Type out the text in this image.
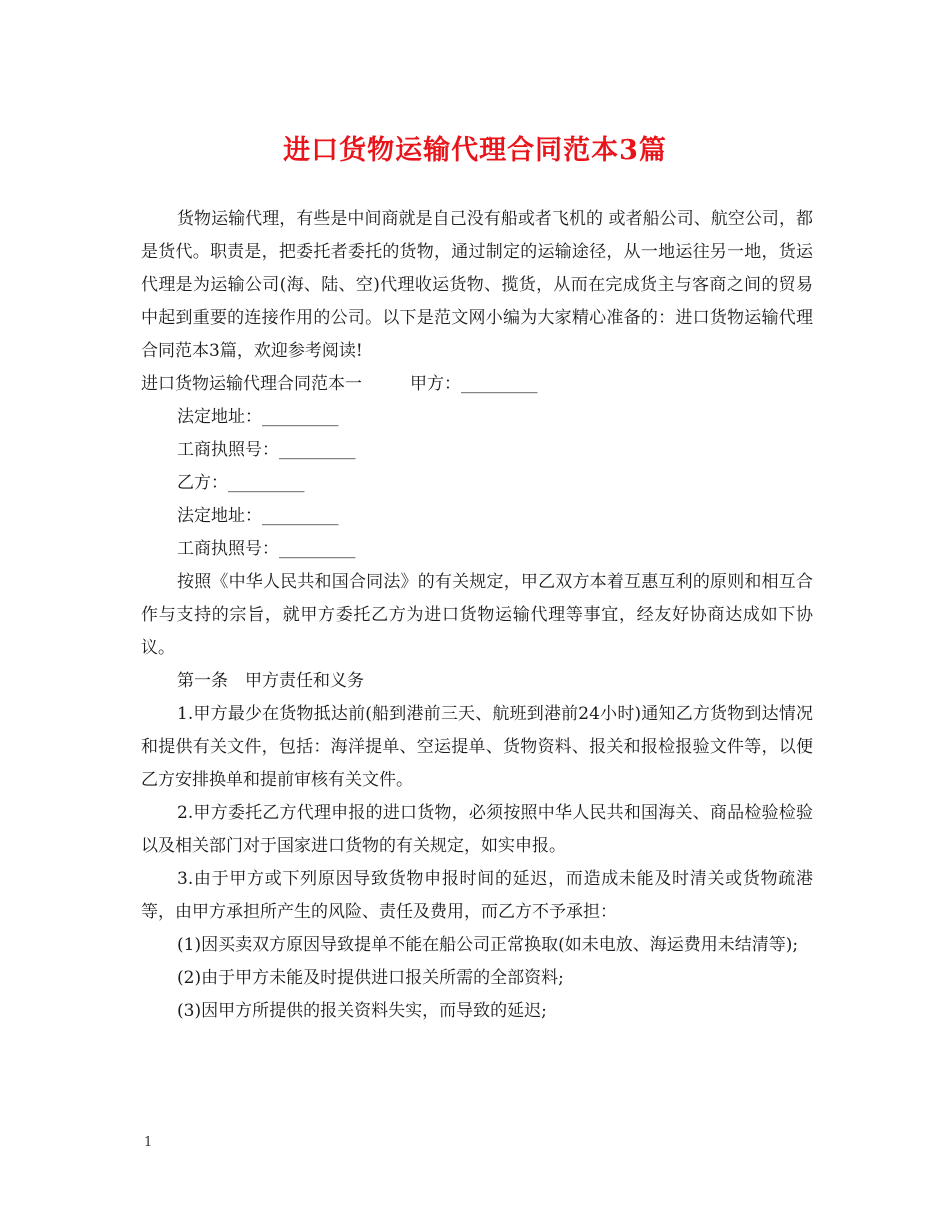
进口货物运输代理合同范本3篇

货物运输代理，有些是中间商就是自己没有船或者飞机的 或者船公司、航空公司，都是货代。职责是，把委托者委托的货物，通过制定的运输途径，从一地运往另一地，货运代理是为运输公司(海、陆、空)代理收运货物、揽货，从而在完成货主与客商之间的贸易中起到重要的连接作用的公司。以下是范文网小编为大家精心准备的：进口货物运输代理合同范本3篇，欢迎参考阅读!

进口货物运输代理合同范本一	甲方：_________

法定地址：_________

工商执照号：_________

乙方：_________

法定地址：_________

工商执照号：_________

按照《中华人民共和国合同法》的有关规定，甲乙双方本着互惠互利的原则和相互合作与支持的宗旨，就甲方委托乙方为进口货物运输代理等事宜，经友好协商达成如下协议。

第一条　甲方责任和义务

1.甲方最少在货物抵达前(船到港前三天、航班到港前24小时)通知乙方货物到达情况和提供有关文件，包括：海洋提单、空运提单、货物资料、报关和报检报验文件等，以便乙方安排换单和提前审核有关文件。

2.甲方委托乙方代理申报的进口货物，必须按照中华人民共和国海关、商品检验检验以及相关部门对于国家进口货物的有关规定，如实申报。

3.由于甲方或下列原因导致货物申报时间的延迟，而造成未能及时清关或货物疏港等，由甲方承担所产生的风险、责任及费用，而乙方不予承担：

(1)因买卖双方原因导致提单不能在船公司正常换取(如未电放、海运费用未结清等);

(2)由于甲方未能及时提供进口报关所需的全部资料;

(3)因甲方所提供的报关资料失实，而导致的延迟;

1
